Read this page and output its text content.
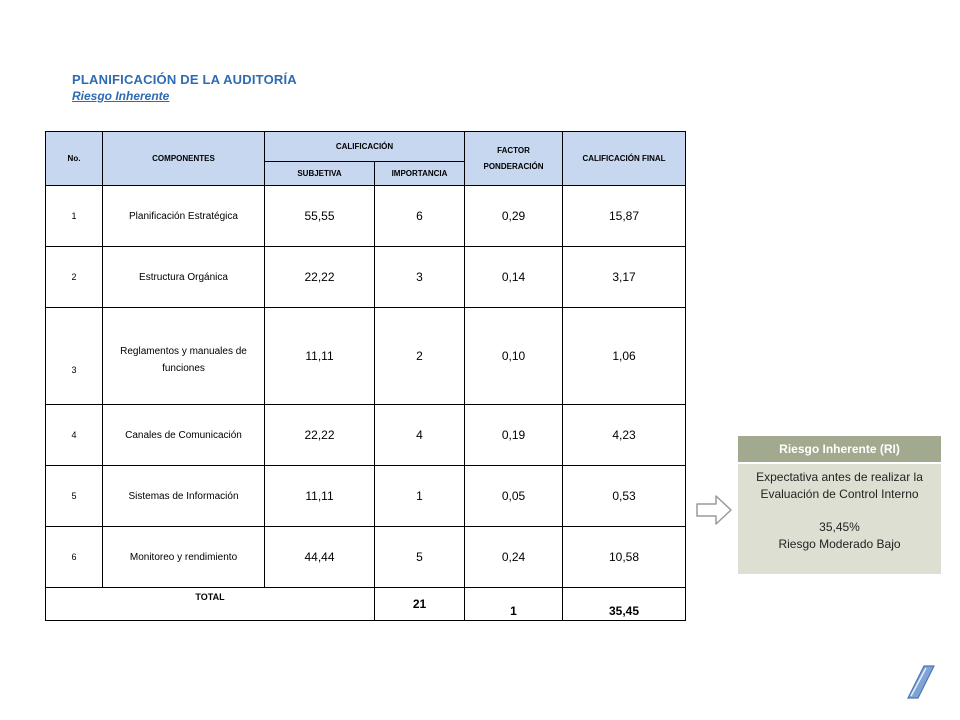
PLANIFICACIÓN DE LA AUDITORÍA
Riesgo Inherente
No.	COMPONENTES	CALIFICACIÓN		FACTOR PONDERACIÓN	CALIFICACIÓN FINAL
		SUBJETIVA	IMPORTANCIA		
1	Planificación Estratégica	55,55	6	0,29	15,87
2	Estructura Orgánica	22,22	3	0,14	3,17
3	Reglamentos y manuales de funciones	11,11	2	0,10	1,06
4	Canales de Comunicación	22,22	4	0,19	4,23
5	Sistemas de Información	11,11	1	0,05	0,53
6	Monitoreo y rendimiento	44,44	5	0,24	10,58
TOTAL			21	1	35,45
Riesgo Inherente (RI)

Expectativa antes de realizar la Evaluación de Control Interno

35,45%

Riesgo Moderado Bajo
